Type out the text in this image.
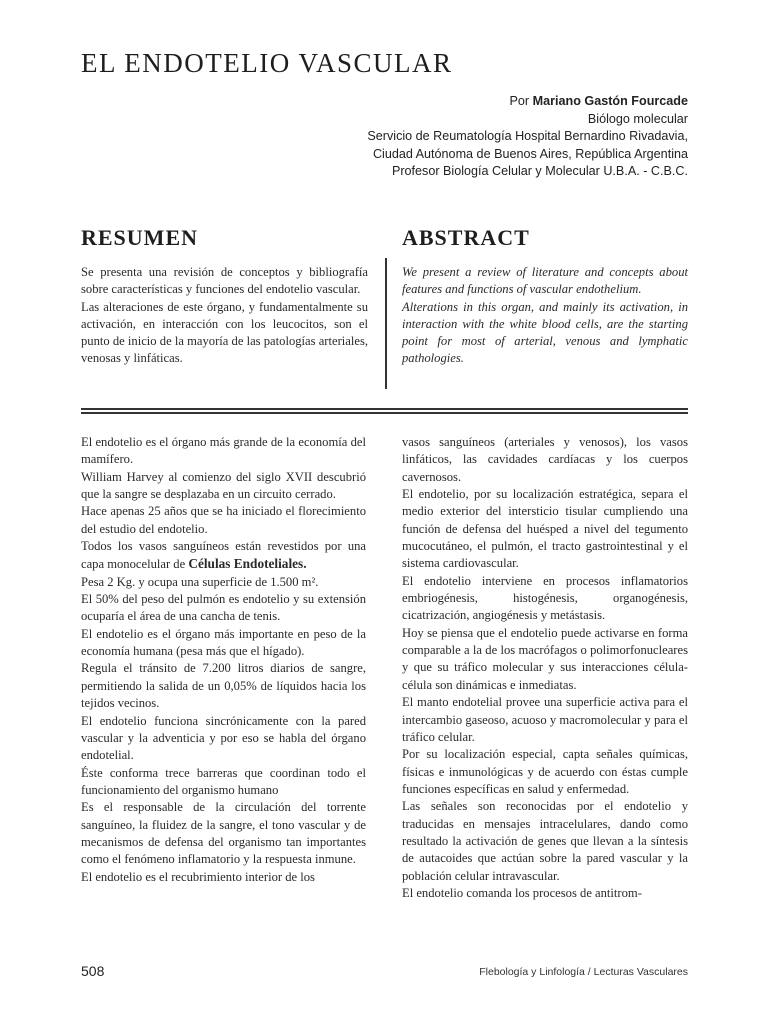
EL ENDOTELIO VASCULAR
Por Mariano Gastón Fourcade
Biólogo molecular
Servicio de Reumatología Hospital Bernardino Rivadavia,
Ciudad Autónoma de Buenos Aires, República Argentina
Profesor Biología Celular y Molecular U.B.A. - C.B.C.
RESUMEN	ABSTRACT

Se presenta una revisión de conceptos y bibliografía sobre características y funciones del endotelio vascular.

Las alteraciones de este órgano, y fundamentalmente su activación, en interacción con los leucocitos, son el punto de inicio de la mayoría de las patologías arteriales, venosas y linfáticas.

We present a review of literature and concepts about features and functions of vascular endothelium.

Alterations in this organ, and mainly its activation, in interaction with the white blood cells, are the starting point for most of arterial, venous and lymphatic pathologies.

El endotelio es el órgano más grande de la economía del mamífero.

William Harvey al comienzo del siglo XVII descubrió que la sangre se desplazaba en un circuito cerrado.

Hace apenas 25 años que se ha iniciado el florecimiento del estudio del endotelio.

Todos los vasos sanguíneos están revestidos por una capa monocelular de Células Endoteliales.

Pesa 2 Kg. y ocupa una superficie de 1.500 m².

El 50% del peso del pulmón es endotelio y su extensión ocuparía el área de una cancha de tenis.

El endotelio es el órgano más importante en peso de la economía humana (pesa más que el hígado).

Regula el tránsito de 7.200 litros diarios de sangre, permitiendo la salida de un 0,05% de líquidos hacia los tejidos vecinos.

El endotelio funciona sincrónicamente con la pared vascular y la adventicia y por eso se habla del órgano endotelial.

Éste conforma trece barreras que coordinan todo el funcionamiento del organismo humano

Es el responsable de la circulación del torrente sanguíneo, la fluidez de la sangre, el tono vascular y de mecanismos de defensa del organismo tan importantes como el fenómeno inflamatorio y la respuesta inmune.

El endotelio es el recubrimiento interior de los

vasos sanguíneos (arteriales y venosos), los vasos linfáticos, las cavidades cardíacas y los cuerpos cavernosos.

El endotelio, por su localización estratégica, separa el medio exterior del intersticio tisular cumpliendo una función de defensa del huésped a nivel del tegumento mucocutáneo, el pulmón, el tracto gastrointestinal y el sistema cardiovascular.

El endotelio interviene en procesos inflamatorios embriogénesis, histogénesis, organogénesis, cicatrización, angiogénesis y metástasis.

Hoy se piensa que el endotelio puede activarse en forma comparable a la de los macrófagos o polimorfonucleares y que su tráfico molecular y sus interacciones célula-célula son dinámicas e inmediatas.

El manto endotelial provee una superficie activa para el intercambio gaseoso, acuoso y macromolecular y para el tráfico celular.

Por su localización especial, capta señales químicas, físicas e inmunológicas y de acuerdo con éstas cumple funciones específicas en salud y enfermedad.

Las señales son reconocidas por el endotelio y traducidas en mensajes intracelulares, dando como resultado la activación de genes que llevan a la síntesis de autacoides que actúan sobre la pared vascular y la población celular intravascular.

El endotelio comanda los procesos de antitrom-

508	Flebología y Linfología / Lecturas Vasculares
